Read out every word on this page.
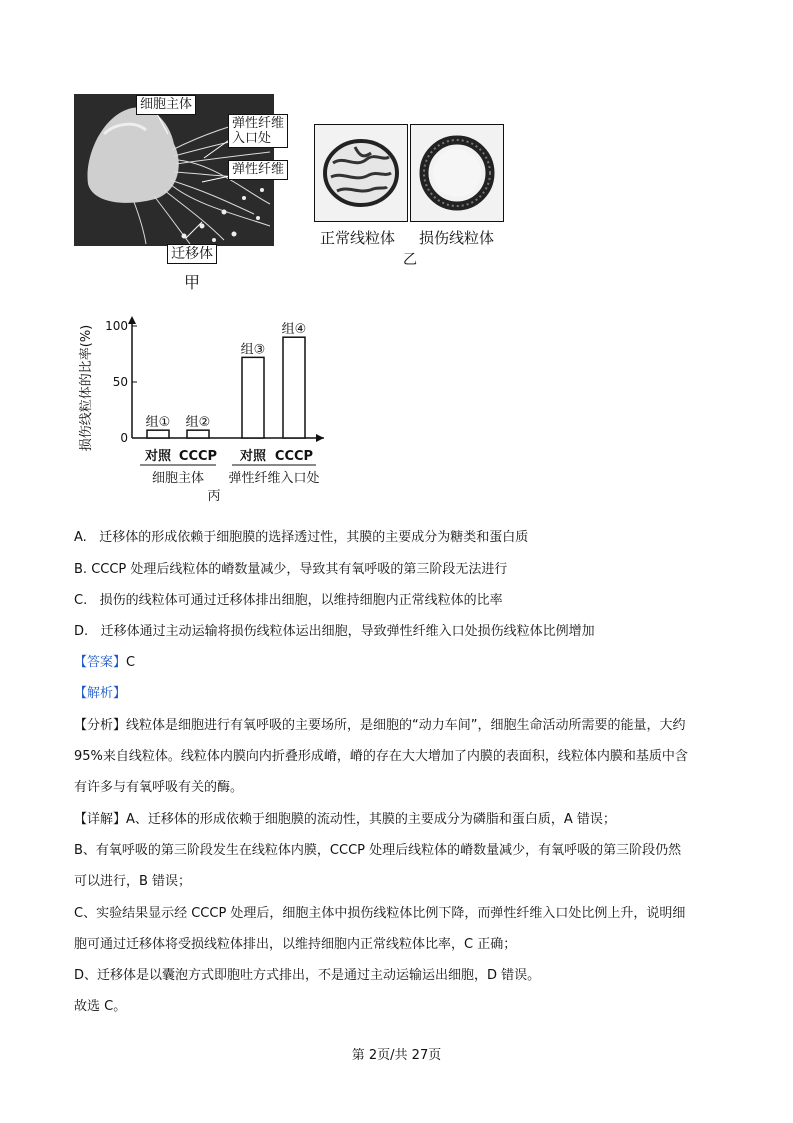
细胞主体
弹性纤维
入口处
弹性纤维
迁移体
甲
正常线粒体 损伤线粒体
乙
0
50
100
损伤线粒体的比率(%)	组① 组②
组③
组④
对照 CCCP 对照 CCCP
细胞主体 弹性纤维入口处
丙
A. 迁移体的形成依赖于细胞膜的选择透过性，其膜的主要成分为糖类和蛋白质
B. CCCP 处理后线粒体的嵴数量减少，导致其有氧呼吸的第三阶段无法进行
C. 损伤的线粒体可通过迁移体排出细胞，以维持细胞内正常线粒体的比率
D. 迁移体通过主动运输将损伤线粒体运出细胞，导致弹性纤维入口处损伤线粒体比例增加
【答案】C
【解析】
【分析】线粒体是细胞进行有氧呼吸的主要场所，是细胞的“动力车间”，细胞生命活动所需要的能量，大约
95%来自线粒体。线粒体内膜向内折叠形成嵴，嵴的存在大大增加了内膜的表面积，线粒体内膜和基质中含
有许多与有氧呼吸有关的酶。
【详解】A、迁移体的形成依赖于细胞膜的流动性，其膜的主要成分为磷脂和蛋白质，A 错误；
B、有氧呼吸的第三阶段发生在线粒体内膜，CCCP 处理后线粒体的嵴数量减少，有氧呼吸的第三阶段仍然
可以进行，B 错误；
C、实验结果显示经 CCCP 处理后，细胞主体中损伤线粒体比例下降，而弹性纤维入口处比例上升，说明细
胞可通过迁移体将受损线粒体排出，以维持细胞内正常线粒体比率，C 正确；
D、迁移体是以囊泡方式即胞吐方式排出，不是通过主动运输运出细胞，D 错误。
故选 C。
第 2页/共 27页
